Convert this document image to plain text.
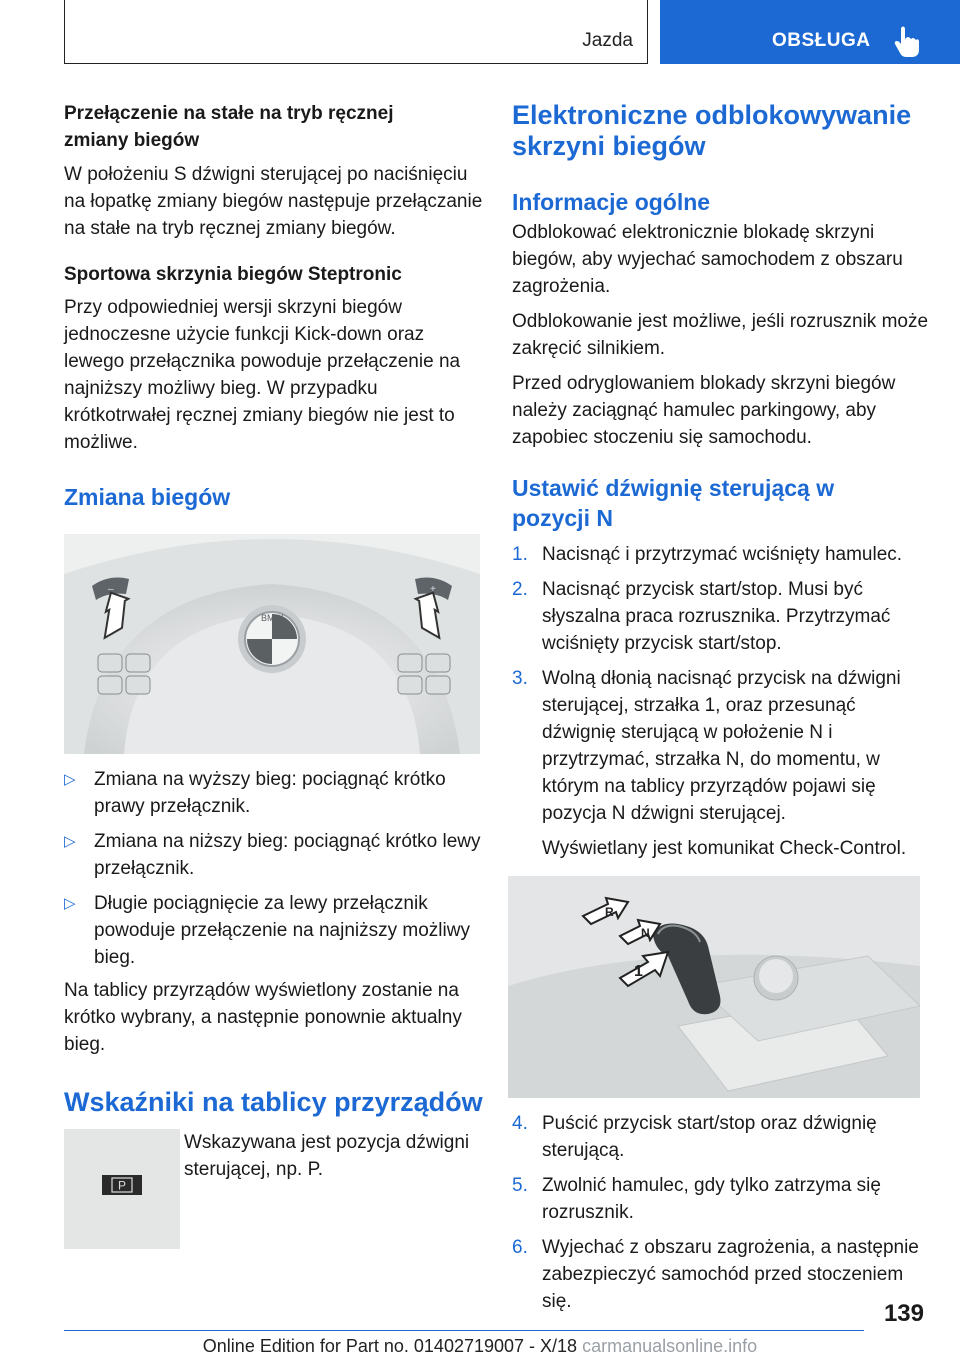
Jazda	OBSŁUGA

Przełączenie na stałe na tryb ręcznej zmiany biegów

W położeniu S dźwigni sterującej po naciśnięciu na łopatkę zmiany biegów następuje przełączanie na stałe na tryb ręcznej zmiany biegów.

Sportowa skrzynia biegów Steptronic

Przy odpowiedniej wersji skrzyni biegów jednoczesne użycie funkcji Kick-down oraz lewego przełącznika powoduje przełączenie na najniższy możliwy bieg. W przypadku krótkotrwałej ręcznej zmiany biegów nie jest to możliwe.

Zmiana biegów

BMW
–	+
▷ Zmiana na wyższy bieg: pociągnąć krótko prawy przełącznik.
▷ Zmiana na niższy bieg: pociągnąć krótko lewy przełącznik.
▷ Długie pociągnięcie za lewy przełącznik powoduje przełączenie na najniższy możliwy bieg.

Na tablicy przyrządów wyświetlony zostanie na krótko wybrany, a następnie ponownie aktualny bieg.

Wskaźniki na tablicy przyrządów

P

Wskazywana jest pozycja dźwigni sterującej, np. P.

Elektroniczne odblokowywanie skrzyni biegów

Informacje ogólne

Odblokować elektronicznie blokadę skrzyni biegów, aby wyjechać samochodem z obszaru zagrożenia.

Odblokowanie jest możliwe, jeśli rozrusznik może zakręcić silnikiem.

Przed odryglowaniem blokady skrzyni biegów należy zaciągnąć hamulec parkingowy, aby zapobiec stoczeniu się samochodu.

Ustawić dźwignię sterującą w pozycji N

1. Nacisnąć i przytrzymać wciśnięty hamulec.
2. Nacisnąć przycisk start/stop. Musi być słyszalna praca rozrusznika. Przytrzymać wciśnięty przycisk start/stop.
3. Wolną dłonią nacisnąć przycisk na dźwigni sterującej, strzałka 1, oraz przesunąć dźwignię sterującą w położenie N i przytrzymać, strzałka N, do momentu, w którym na tablicy przyrządów pojawi się pozycja N dźwigni sterującej.

Wyświetlany jest komunikat Check-Control.

R
N
1
4. Puścić przycisk start/stop oraz dźwignię sterującą.
5. Zwolnić hamulec, gdy tylko zatrzyma się rozrusznik.
6. Wyjechać z obszaru zagrożenia, a następnie zabezpieczyć samochód przed stoczeniem się.	139
Online Edition for Part no. 01402719007 - X/18 carmanualsonline.info
